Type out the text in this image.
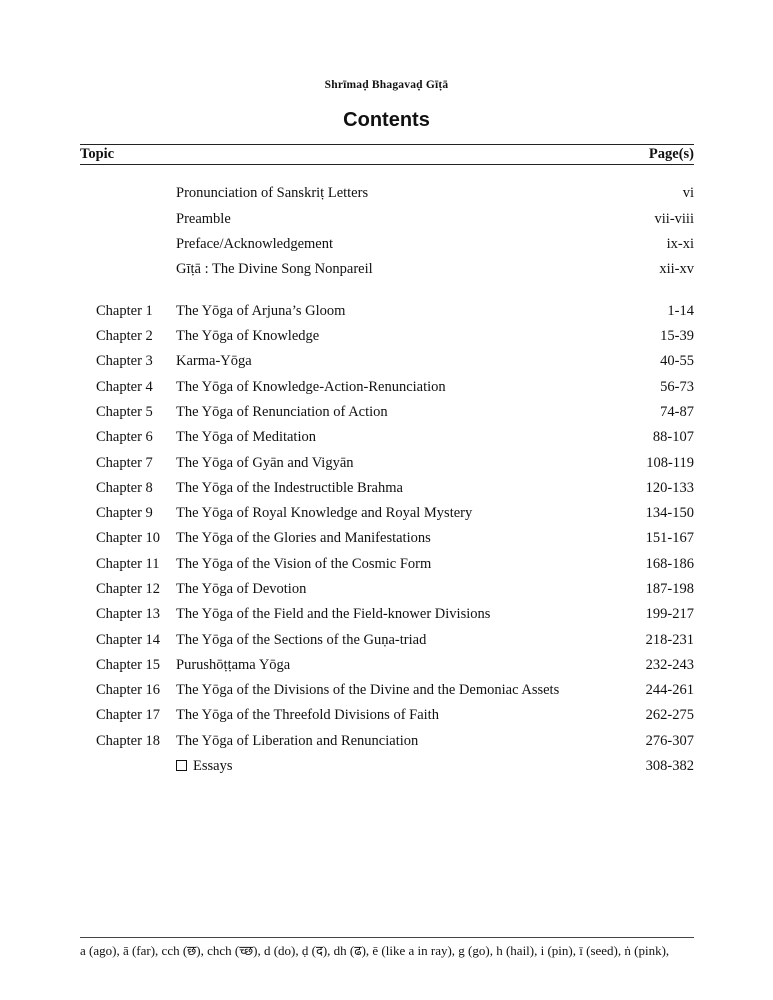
Shrīmaḍ Bhagavaḍ Gīṭā
Contents
Topic	Page(s)
Pronunciation of Sanskriṭ Letters	vi
Preamble	vii-viii
Preface/Acknowledgement	ix-xi
Gīṭā : The Divine Song Nonpareil	xii-xv
Chapter 1 The Yōga of Arjuna’s Gloom	1-14
Chapter 2 The Yōga of Knowledge	15-39
Chapter 3 Karma-Yōga	40-55
Chapter 4 The Yōga of Knowledge-Action-Renunciation	56-73
Chapter 5 The Yōga of Renunciation of Action	74-87
Chapter 6 The Yōga of Meditation	88-107
Chapter 7 The Yōga of Gyān and Vigyān	108-119
Chapter 8 The Yōga of the Indestructible Brahma	120-133
Chapter 9 The Yōga of Royal Knowledge and Royal Mystery	134-150
Chapter 10 The Yōga of the Glories and Manifestations	151-167
Chapter 11 The Yōga of the Vision of the Cosmic Form	168-186
Chapter 12 The Yōga of Devotion	187-198
Chapter 13 The Yōga of the Field and the Field-knower Divisions	199-217
Chapter 14 The Yōga of the Sections of the Guṇa-triad	218-231
Chapter 15 Purushōṭṭama Yōga	232-243
Chapter 16 The Yōga of the Divisions of the Divine and the Demoniac Assets	244-261
Chapter 17 The Yōga of the Threefold Divisions of Faith	262-275
Chapter 18 The Yōga of Liberation and Renunciation	276-307
Essays	308-382
a (ago), ā (far), cch (छ), chch (च्छ), d (do), ḍ (द), dh (ढ), ē (like a in ray), g (go), h (hail), i (pin), ī (seed), ṅ (pink),
